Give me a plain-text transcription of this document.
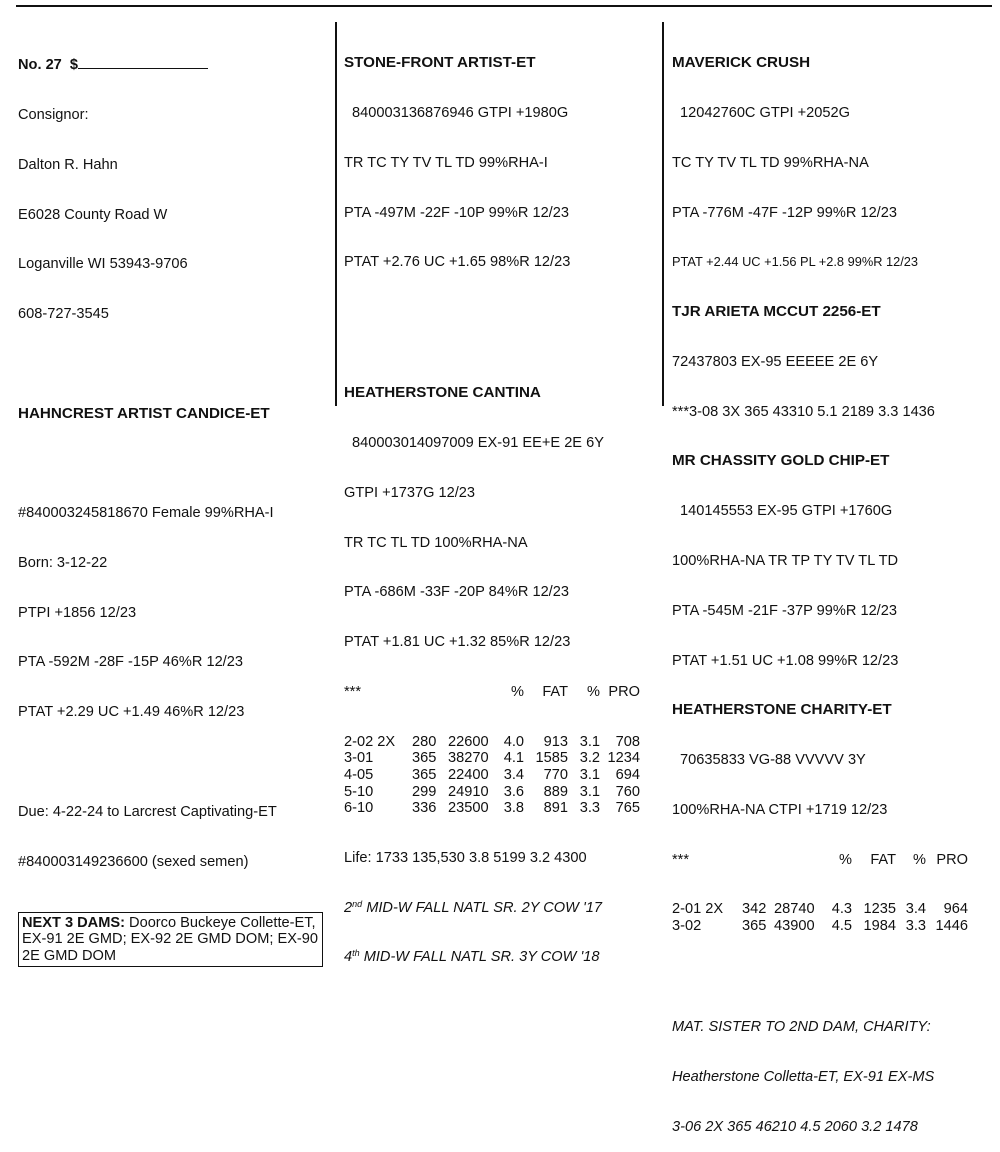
No. 27  $

Consignor:

Dalton R. Hahn

E6028 County Road W

Loganville WI 53943-9706

608-727-3545

HAHNCREST ARTIST CANDICE-ET

#840003245818670 Female 99%RHA-I

Born: 3-12-22

PTPI +1856 12/23

PTA -592M -28F -15P 46%R 12/23

PTAT +2.29 UC +1.49 46%R 12/23

Due: 4-22-24 to Larcrest Captivating-ET

#840003149236600 (sexed semen)

NEXT 3 DAMS: Doorco Buckeye Collette-ET, EX-91 2E GMD; EX-92 2E GMD DOM; EX-90 2E GMD DOM

STONE-FRONT ARTIST-ET

840003136876946 GTPI +1980G

TR TC TY TV TL TD 99%RHA-I

PTA -497M -22F -10P 99%R 12/23

PTAT +2.76 UC +1.65 98%R 12/23

HEATHERSTONE CANTINA

840003014097009 EX-91 EE+E 2E 6Y

GTPI +1737G 12/23

TR TC TL TD 100%RHA-NA

PTA -686M -33F -20P 84%R 12/23

PTAT +1.81 UC +1.32 85%R 12/23

***	%	FAT	% PRO

2-02 2X	280 22600	4.0	913 3.1	708
3-01	365 38270	4.1 1585 3.2 1234
4-05	365 22400	3.4	770 3.1	694
5-10	299 24910	3.6	889 3.1	760
6-10	336 23500	3.8	891 3.3	765

Life: 1733 135,530 3.8 5199 3.2 4300

2nd MID-W FALL NATL SR. 2Y COW '17

4th MID-W FALL NATL SR. 3Y COW '18

MAVERICK CRUSH

12042760C GTPI +2052G

TC TY TV TL TD 99%RHA-NA

PTA -776M -47F -12P 99%R 12/23

PTAT +2.44 UC +1.56 PL +2.8 99%R 12/23

TJR ARIETA MCCUT 2256-ET

72437803 EX-95 EEEEE 2E 6Y

***3-08 3X 365 43310 5.1 2189 3.3 1436

MR CHASSITY GOLD CHIP-ET

140145553 EX-95 GTPI +1760G

100%RHA-NA TR TP TY TV TL TD

PTA -545M -21F -37P 99%R 12/23

PTAT +1.51 UC +1.08 99%R 12/23

HEATHERSTONE CHARITY-ET

70635833 VG-88 VVVVV 3Y

100%RHA-NA CTPI +1719 12/23

***	%	FAT	% PRO

2-01 2X	342 28740	4.3 1235 3.4	964
3-02	365 43900	4.5 1984 3.3 1446

MAT. SISTER TO 2ND DAM, CHARITY:

Heatherstone Colletta-ET, EX-91 EX-MS

3-06 2X 365 46210 4.5 2060 3.2 1478
